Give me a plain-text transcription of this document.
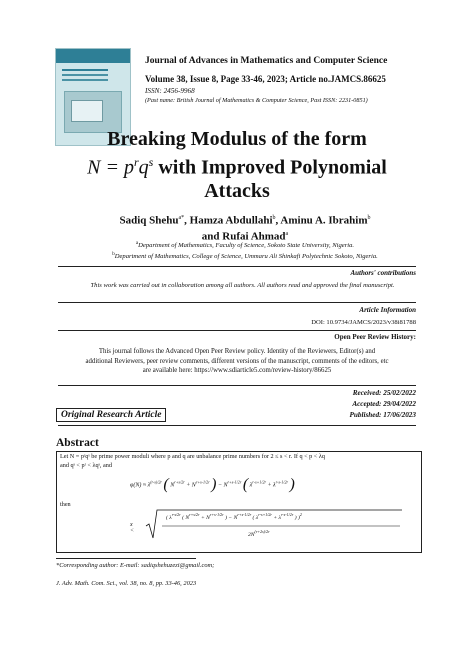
Journal of Advances in Mathematics and Computer Science
Volume 38, Issue 8, Page 33-46, 2023; Article no.JAMCS.86625
ISSN: 2456-9968
(Past name: British Journal of Mathematics & Computer Science, Past ISSN: 2231-0851)
Breaking Modulus of the form
$N = p^rq^s$ with Improved Polynomial
Attacks
Sadiq Shehu$^{a*}$, Hamza Abdullahi$^b$, Aminu A. Ibrahim$^b$
and Rufai Ahmad$^a$
$^a$Department of Mathematics, Faculty of Science, Sokoto State University, Nigeria.
$^b$Department of Mathematics, College of Science, Ummaru Ali Shinkafi Polytechnic Sokoto, Nigeria.
Authors' contributions
This work was carried out in collaboration among all authors. All authors read and approved the final manuscript.
Article Information
DOI: 10.9734/JAMCS/2023/v38i81788
Open Peer Review History:
This journal follows the Advanced Open Peer Review policy. Identity of the Reviewers, Editor(s) and
additional Reviewers, peer review comments, different versions of the manuscript, comments of the editors, etc
are available here: https://www.sdiarticle5.com/review-history/86625
Received: 25/02/2022
Accepted: 29/04/2022
Published: 17/06/2023
Original Research Article
Abstract
Let N = pʳqˢ be prime power moduli where p and q are unbalance prime numbers for 2 ≤ s < r. If q < p < λq
and qˢ < pʳ < λqˢ, and
$\varphi(N) \approx \lambda^{(r-s)/2r}$ ( $N^{r+s/2r} + N^{r+s-1/2r}$ ) − $N^{r+s-1/2r}$ ( $\lambda^{r-s+1/2r} + \lambda^{r-s-1/2r}$ )
then
x <
( $\lambda^{r-s/2r}$ ( $N^{r+s/2r} + N^{r+s-1/2r}$ ) − $N^{r+s-1/2r}$ ( $\lambda^{r-s+1/2r} + \lambda^{r-s-1/2r}$ ) )$^2$
$2N^{(r+2s)/2r}$
*Corresponding author: E-mail: sadiqshehuzezi@gmail.com;
J. Adv. Math. Com. Sci., vol. 38, no. 8, pp. 33-46, 2023
